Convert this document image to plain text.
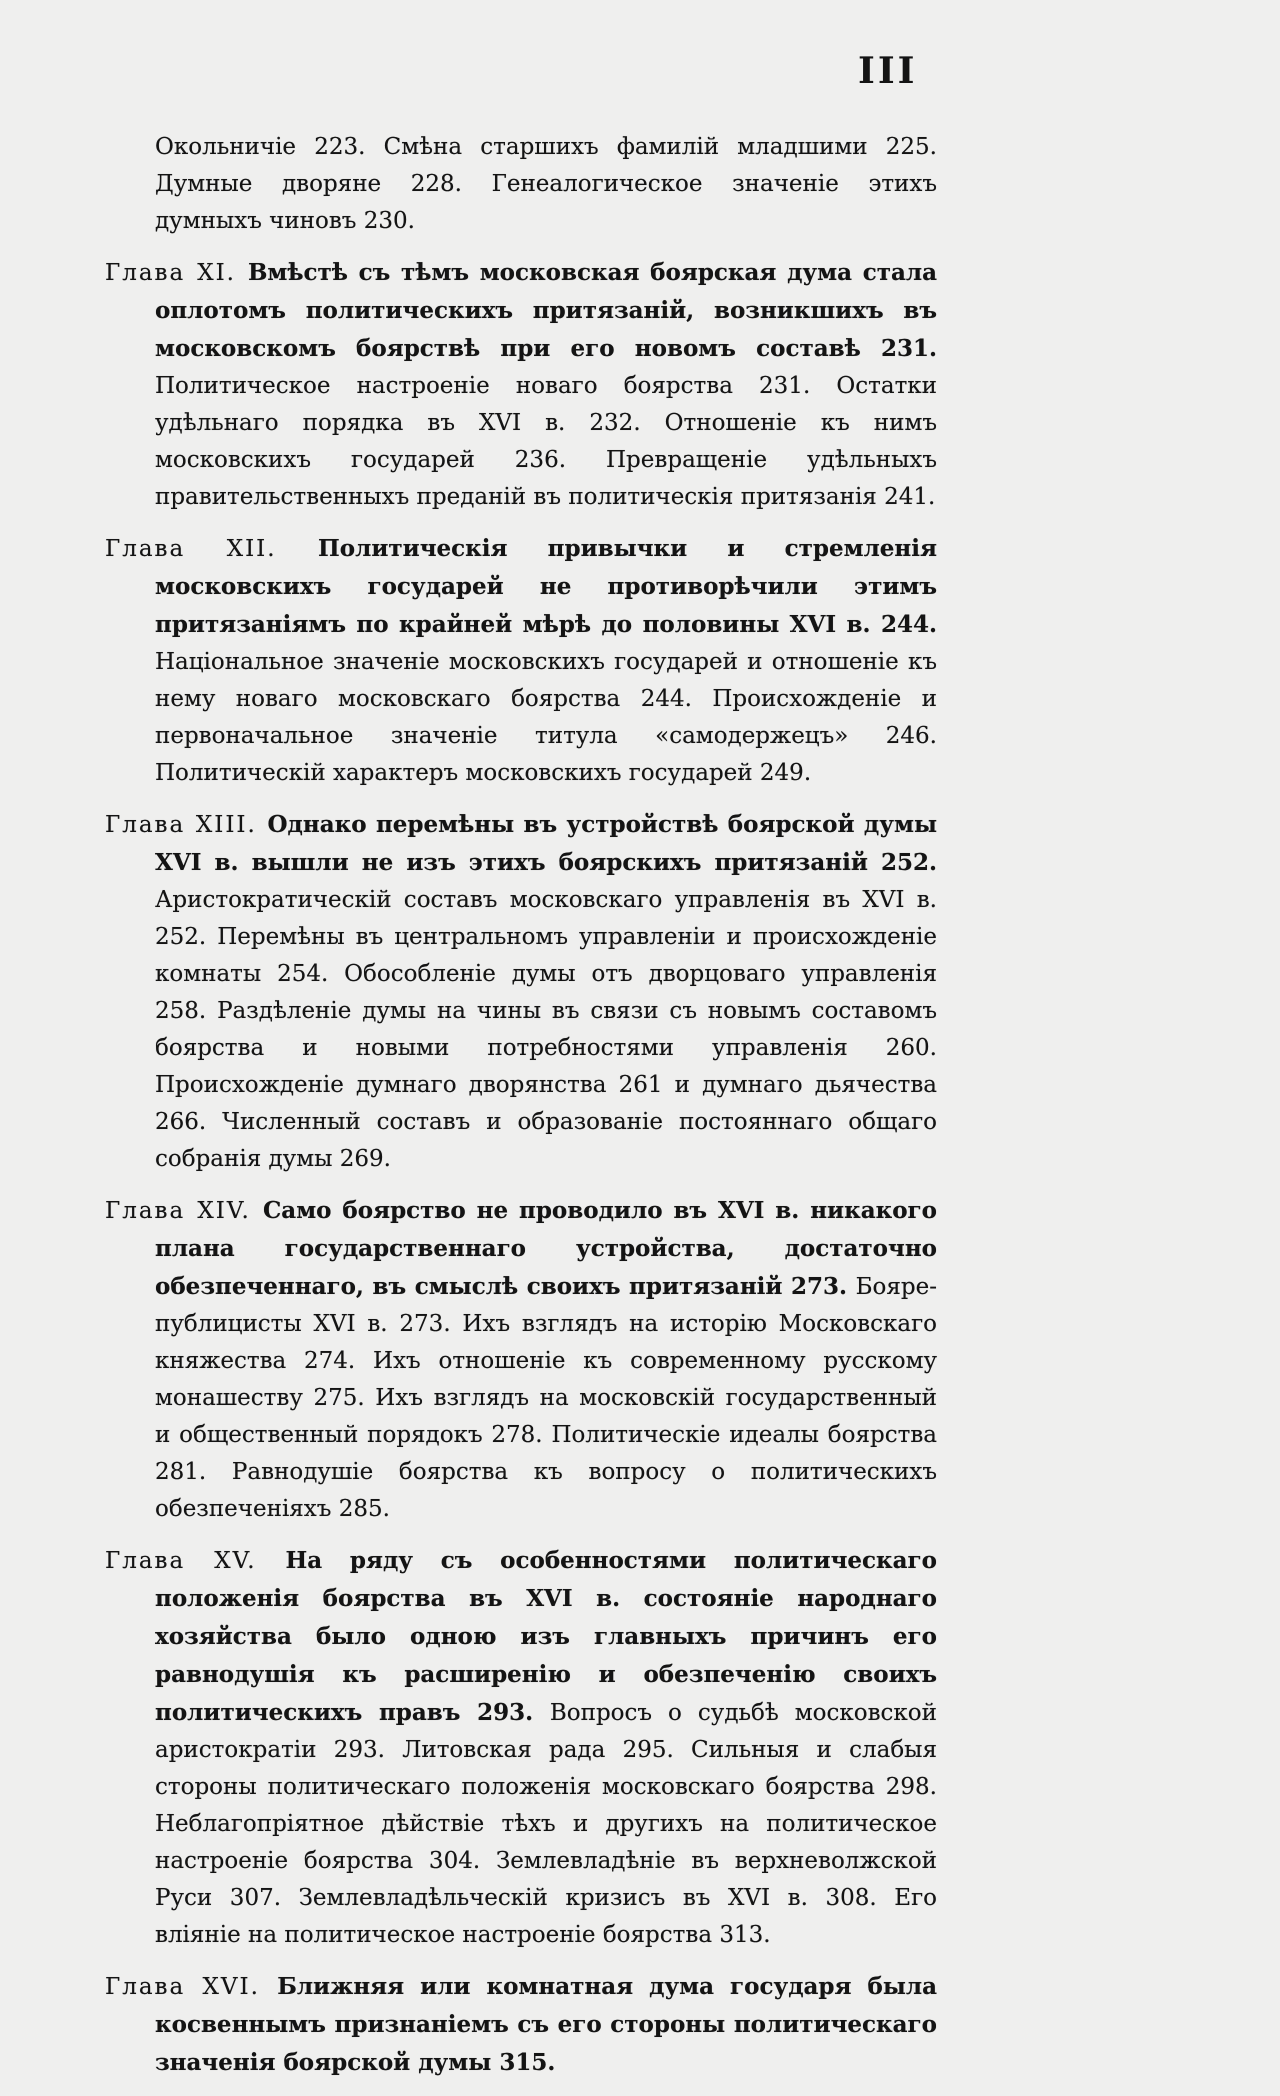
III

Окольничіе 223. Смѣна старшихъ фамилій младшими 225. Думные дворяне 228. Генеалогическое значеніе этихъ думныхъ чиновъ 230.

Глава XI. Вмѣстѣ съ тѣмъ московская боярская дума стала оплотомъ политическихъ притязаній, возникшихъ въ московскомъ боярствѣ при его новомъ составѣ 231. Политическое настроеніе новаго боярства 231. Остатки удѣльнаго порядка въ XVI в. 232. Отношеніе къ нимъ московскихъ государей 236. Превращеніе удѣльныхъ правительственныхъ преданій въ политическія притязанія 241.

Глава XII. Политическія привычки и стремленія московскихъ государей не противорѣчили этимъ притязаніямъ по крайней мѣрѣ до половины XVI в. 244. Національное значеніе московскихъ государей и отношеніе къ нему новаго московскаго боярства 244. Происхожденіе и первоначальное значеніе титула «самодержецъ» 246. Политическій характеръ московскихъ государей 249.

Глава XIII. Однако перемѣны въ устройствѣ боярской думы XVI в. вышли не изъ этихъ боярскихъ притязаній 252. Аристократическій составъ московскаго управленія въ XVI в. 252. Перемѣны въ центральномъ управленіи и происхожденіе комнаты 254. Обособленіе думы отъ дворцоваго управленія 258. Раздѣленіе думы на чины въ связи съ новымъ составомъ боярства и новыми потребностями управленія 260. Происхожденіе думнаго дворянства 261 и думнаго дьячества 266. Численный составъ и образованіе постояннаго общаго собранія думы 269.

Глава XIV. Само боярство не проводило въ XVI в. никакого плана государственнаго устройства, достаточно обезпеченнаго, въ смыслѣ своихъ притязаній 273. Бояре-публицисты XVI в. 273. Ихъ взглядъ на исторію Московскаго княжества 274. Ихъ отношеніе къ современному русскому монашеству 275. Ихъ взглядъ на московскій государственный и общественный порядокъ 278. Политическіе идеалы боярства 281. Равнодушіе боярства къ вопросу о политическихъ обезпеченіяхъ 285.

Глава XV. На ряду съ особенностями политическаго положенія боярства въ XVI в. состояніе народнаго хозяйства было одною изъ главныхъ причинъ его равнодушія къ расширенію и обезпеченію своихъ политическихъ правъ 293. Вопросъ о судьбѣ московской аристократіи 293. Литовская рада 295. Сильныя и слабыя стороны политическаго положенія московскаго боярства 298. Неблагопріятное дѣйствіе тѣхъ и другихъ на политическое настроеніе боярства 304. Землевладѣніе въ верхневолжской Руси 307. Землевладѣльческій кризисъ въ XVI в. 308. Его вліяніе на политическое настроеніе боярства 313.

Глава XVI. Ближняя или комнатная дума государя была косвеннымъ признаніемъ съ его стороны политическаго значенія боярской думы 315.
